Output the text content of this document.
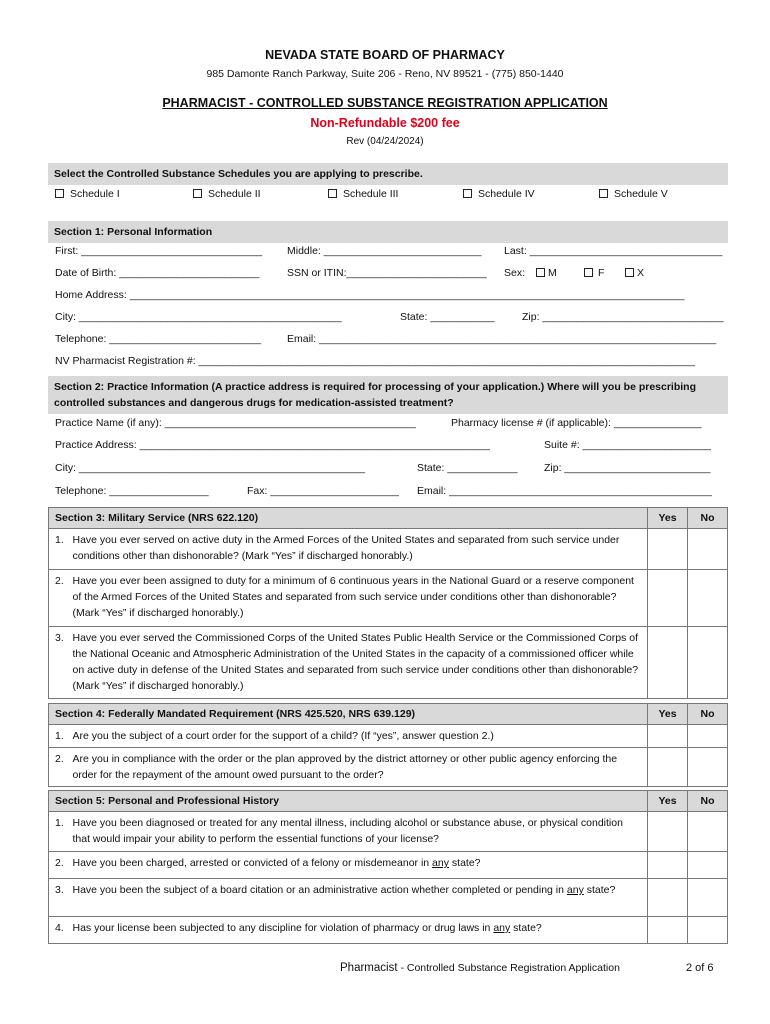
NEVADA STATE BOARD OF PHARMACY
985 Damonte Ranch Parkway, Suite 206 - Reno, NV 89521 - (775) 850-1440
PHARMACIST - CONTROLLED SUBSTANCE REGISTRATION APPLICATION
Non-Refundable $200 fee
Rev (04/24/2024)
Select the Controlled Substance Schedules you are applying to prescribe.
Schedule I	Schedule II	Schedule III	Schedule IV	Schedule V
Section 1: Personal Information
First: _______________________________ Middle: ___________________________ Last: _________________________________
Date of Birth: ________________________	SSN or ITIN:________________________ Sex:	M	F	X
Home Address: _______________________________________________________________________________________________
City: _____________________________________________	State: ___________	Zip: _______________________________
Telephone: __________________________ Email: ____________________________________________________________________
NV Pharmacist Registration #: _____________________________________________________________________________________
Section 2: Practice Information (A practice address is required for processing of your application.) Where will you be prescribing controlled substances and dangerous drugs for medication-assisted treatment?
Practice Name (if any): ___________________________________________	Pharmacy license # (if applicable): _______________
Practice Address: ____________________________________________________________	Suite #: ______________________
City: _________________________________________________	State: ____________	Zip: _________________________
Telephone: _________________	Fax: ______________________ Email: _____________________________________________
Section 3: Military Service (NRS 622.120)		Yes	No
1.	Have you ever served on active duty in the Armed Forces of the United States and separated from such service under conditions other than dishonorable? (Mark “Yes” if discharged honorably.)		
2.	Have you ever been assigned to duty for a minimum of 6 continuous years in the National Guard or a reserve component of the Armed Forces of the United States and separated from such service under conditions other than dishonorable? (Mark “Yes” if discharged honorably.)		
3.	Have you ever served the Commissioned Corps of the United States Public Health Service or the Commissioned Corps of the National Oceanic and Atmospheric Administration of the United States in the capacity of a commissioned officer while on active duty in defense of the United States and separated from such service under conditions other than dishonorable? (Mark “Yes” if discharged honorably.)		
Section 4: Federally Mandated Requirement (NRS 425.520, NRS 639.129)		Yes	No
1.	Are you the subject of a court order for the support of a child? (If “yes”, answer question 2.)		
2.	Are you in compliance with the order or the plan approved by the district attorney or other public agency enforcing the order for the repayment of the amount owed pursuant to the order?		
Section 5: Personal and Professional History		Yes	No
1.	Have you been diagnosed or treated for any mental illness, including alcohol or substance abuse, or physical condition that would impair your ability to perform the essential functions of your license?		
2.	Have you been charged, arrested or convicted of a felony or misdemeanor in any state?		
3.	Have you been the subject of a board citation or an administrative action whether completed or pending in any state?		
4.	Has your license been subjected to any discipline for violation of pharmacy or drug laws in any state?		
Pharmacist - Controlled Substance Registration Application	2 of 6
